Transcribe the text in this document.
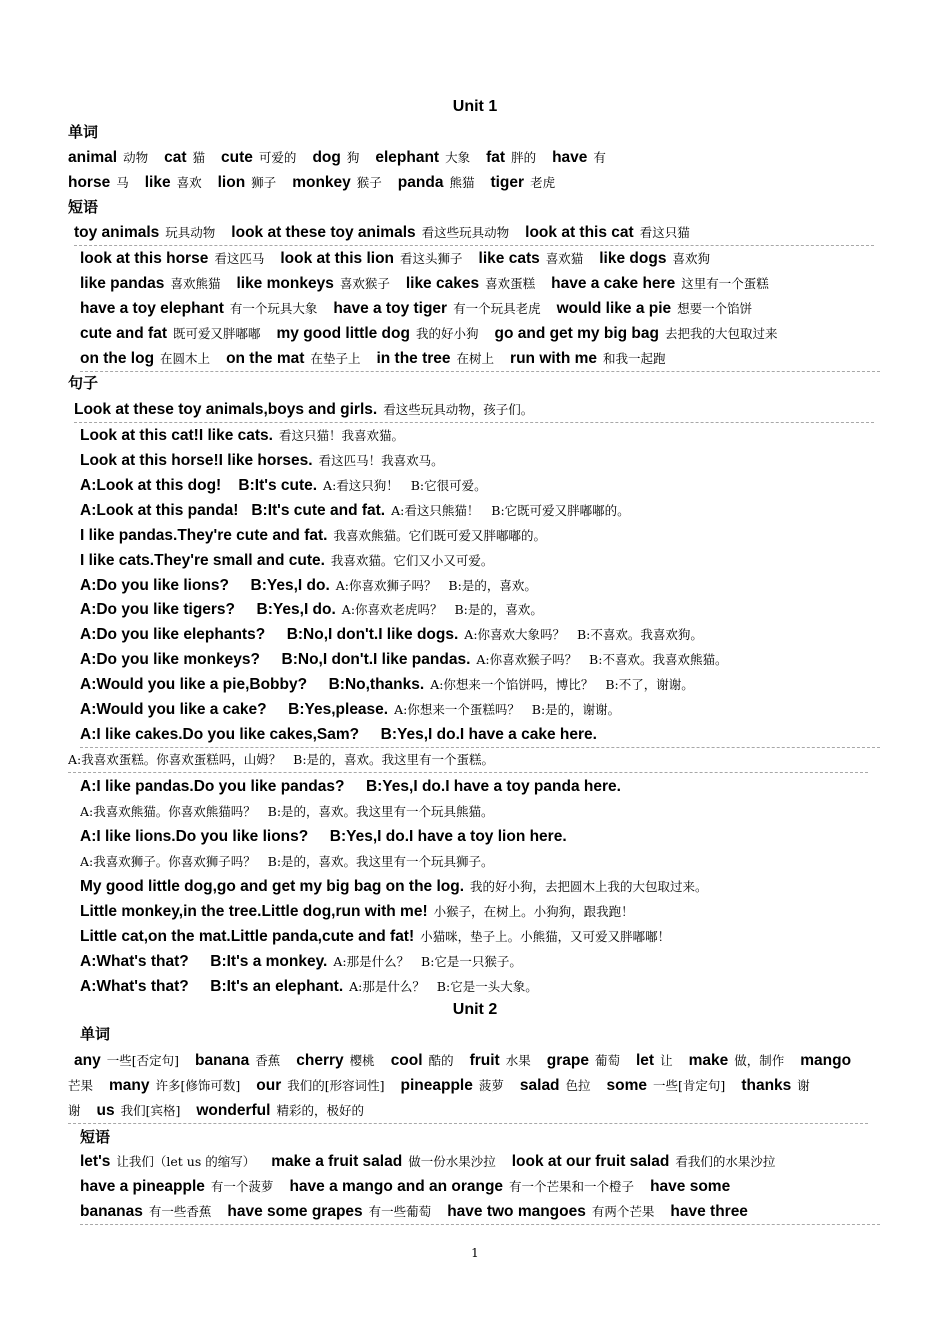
Unit 1
单词
animal 动物 cat 猫 cute 可爱的 dog 狗 elephant 大象 fat 胖的 have 有
horse 马 like 喜欢 lion 狮子 monkey 猴子 panda 熊猫 tiger 老虎
短语
toy animals 玩具动物 look at these toy animals 看这些玩具动物 look at this cat 看这只猫
look at this horse 看这匹马 look at this lion 看这头狮子 like cats 喜欢猫 like dogs 喜欢狗
like pandas 喜欢熊猫 like monkeys 喜欢猴子 like cakes 喜欢蛋糕 have a cake here 这里有一个蛋糕
have a toy elephant 有一个玩具大象 have a toy tiger 有一个玩具老虎 would like a pie 想要一个馅饼
cute and fat 既可爱又胖嘟嘟 my good little dog 我的好小狗 go and get my big bag 去把我的大包取过来
on the log 在圆木上 on the mat 在垫子上 in the tree 在树上 run with me 和我一起跑
句子
Look at these toy animals,boys and girls. 看这些玩具动物，孩子们。
Look at this cat!I like cats. 看这只猫！我喜欢猫。
Look at this horse!I like horses. 看这匹马！我喜欢马。
A:Look at this dog!    B:It's cute. A:看这只狗！   B:它很可爱。
A:Look at this panda!   B:It's cute and fat. A:看这只熊猫！   B:它既可爱又胖嘟嘟的。
I like pandas.They're cute and fat. 我喜欢熊猫。它们既可爱又胖嘟嘟的。
I like cats.They're small and cute. 我喜欢猫。它们又小又可爱。
A:Do you like lions?     B:Yes,I do. A:你喜欢狮子吗？   B:是的，喜欢。
A:Do you like tigers?     B:Yes,I do. A:你喜欢老虎吗？   B:是的，喜欢。
A:Do you like elephants?     B:No,I don't.I like dogs. A:你喜欢大象吗？   B:不喜欢。我喜欢狗。
A:Do you like monkeys?     B:No,I don't.I like pandas. A:你喜欢猴子吗？   B:不喜欢。我喜欢熊猫。
A:Would you like a pie,Bobby?     B:No,thanks. A:你想来一个馅饼吗，博比？   B:不了，谢谢。
A:Would you like a cake?     B:Yes,please. A:你想来一个蛋糕吗？   B:是的，谢谢。
A:I like cakes.Do you like cakes,Sam?     B:Yes,I do.I have a cake here.
A:我喜欢蛋糕。你喜欢蛋糕吗，山姆？   B:是的，喜欢。我这里有一个蛋糕。
A:I like pandas.Do you like pandas?     B:Yes,I do.I have a toy panda here.
A:我喜欢熊猫。你喜欢熊猫吗？   B:是的，喜欢。我这里有一个玩具熊猫。
A:I like lions.Do you like lions?     B:Yes,I do.I have a toy lion here.
A:我喜欢狮子。你喜欢狮子吗？   B:是的，喜欢。我这里有一个玩具狮子。
My good little dog,go and get my big bag on the log. 我的好小狗，去把圆木上我的大包取过来。
Little monkey,in the tree.Little dog,run with me! 小猴子，在树上。小狗狗，跟我跑！
Little cat,on the mat.Little panda,cute and fat! 小猫咪，垫子上。小熊猫，又可爱又胖嘟嘟！
A:What's that?     B:It's a monkey. A:那是什么？   B:它是一只猴子。
A:What's that?     B:It's an elephant. A:那是什么？   B:它是一头大象。
Unit 2
单词
any 一些[否定句] banana 香蕉 cherry 樱桃 cool 酷的 fruit 水果 grape 葡萄 let 让 make 做，制作 mango
芒果 many 许多[修饰可数] our 我们的[形容词性] pineapple 菠萝 salad 色拉 some 一些[肯定句] thanks 谢
谢 us 我们[宾格] wonderful 精彩的，极好的
短语
let's 让我们（let us 的缩写） make a fruit salad 做一份水果沙拉 look at our fruit salad 看我们的水果沙拉
have a pineapple 有一个菠萝 have a mango and an orange 有一个芒果和一个橙子 have some
bananas 有一些香蕉 have some grapes 有一些葡萄 have two mangoes 有两个芒果 have three
1
